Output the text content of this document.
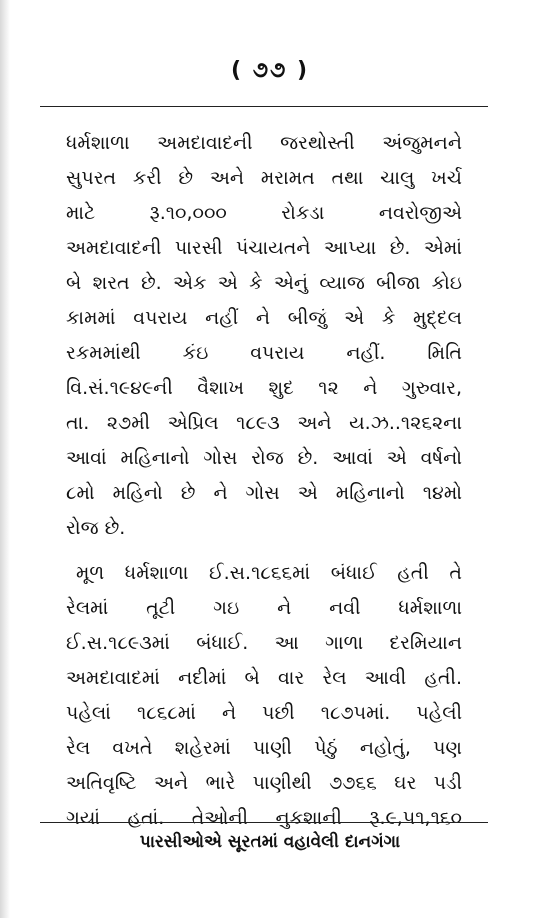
( ૭૭ )
ધર્મશાળા અમદાવાદની જરથોસ્તી અંજુમનને
સુપરત કરી છે અને મરામત તથા ચાલુ ખર્ચ
માટે રૂ.૧૦,૦૦૦ રોકડા નવરોજીએ
અમદાવાદની પારસી પંચાયતને આપ્યા છે. એમાં
બે શરત છે. એક એ કે એનું વ્યાજ બીજા કોઇ
કામમાં વપરાય નહીં ને બીજું એ કે મુદ્દલ
રકમમાંથી કંઇ વપરાય નહીં. મિતિ
વિ.સં.૧૯૪૯ની વૈશાખ શુદ ૧૨ ને ગુરુવાર,
તા. ૨૭મી એપ્રિલ ૧૮૯૩ અને ય.ઝ..૧૨૬૨ના
આવાં મહિનાનો ગોસ રોજ છે. આવાં એ વર્ષનો
૮મો મહિનો છે ને ગોસ એ મહિનાનો ૧૪મો
રોજ છે.
મૂળ ધર્મશાળા ઈ.સ.૧૮૬૬માં બંધાઈ હતી તે
રેલમાં તૂટી ગઇ ને નવી ધર્મશાળા
ઈ.સ.૧૮૯૩માં બંધાઈ. આ ગાળા દરમિયાન
અમદાવાદમાં નદીમાં બે વાર રેલ આવી હતી.
પહેલાં ૧૮૬૮માં ને પછી ૧૮૭૫માં. પહેલી
રેલ વખતે શહેરમાં પાણી પેઠું નહોતું, પણ
અતિવૃષ્ટિ અને ભારે પાણીથી ૭૭૬૬ ઘર પડી
ગયાં હતાં. તેઓની નુકશાની રૂ.૯,૫૧,૧૬૦
પારસીઓએ સૂરતમાં વહાવેલી દાનગંગા
